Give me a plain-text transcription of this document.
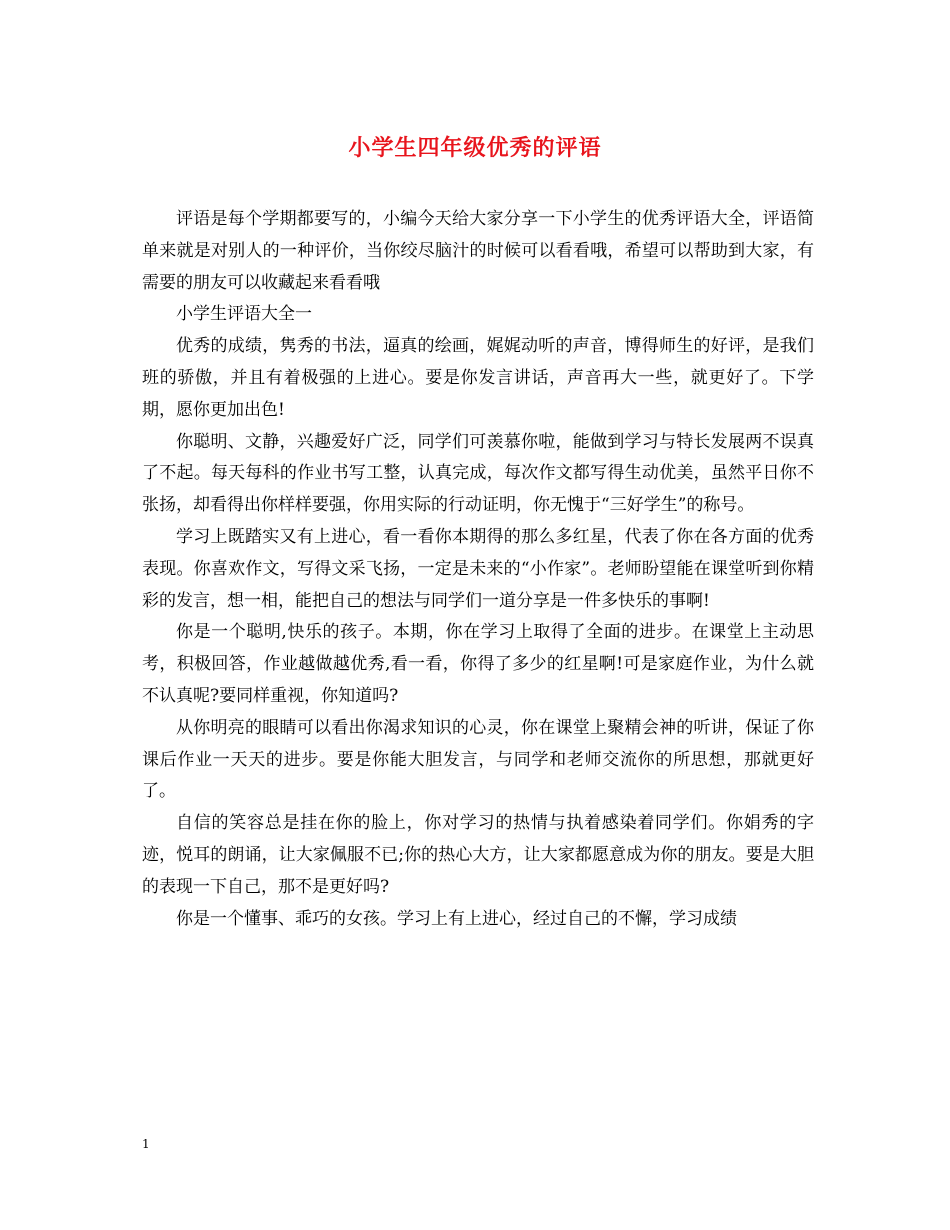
小学生四年级优秀的评语

评语是每个学期都要写的，小编今天给大家分享一下小学生的优秀评语大全，评语简单来就是对别人的一种评价，当你绞尽脑汁的时候可以看看哦，希望可以帮助到大家，有需要的朋友可以收藏起来看看哦

小学生评语大全一

优秀的成绩，隽秀的书法，逼真的绘画，娓娓动听的声音，博得师生的好评，是我们班的骄傲，并且有着极强的上进心。要是你发言讲话，声音再大一些，就更好了。下学期，愿你更加出色!

你聪明、文静，兴趣爱好广泛，同学们可羡慕你啦，能做到学习与特长发展两不误真了不起。每天每科的作业书写工整，认真完成，每次作文都写得生动优美，虽然平日你不张扬，却看得出你样样要强，你用实际的行动证明，你无愧于“三好学生”的称号。

学习上既踏实又有上进心，看一看你本期得的那么多红星，代表了你在各方面的优秀表现。你喜欢作文，写得文采飞扬，一定是未来的“小作家”。老师盼望能在课堂听到你精彩的发言，想一相，能把自己的想法与同学们一道分享是一件多快乐的事啊!

你是一个聪明,快乐的孩子。本期，你在学习上取得了全面的进步。在课堂上主动思考，积极回答，作业越做越优秀,看一看，你得了多少的红星啊!可是家庭作业，为什么就不认真呢?要同样重视，你知道吗?

从你明亮的眼睛可以看出你渴求知识的心灵，你在课堂上聚精会神的听讲，保证了你课后作业一天天的进步。要是你能大胆发言，与同学和老师交流你的所思想，那就更好了。

自信的笑容总是挂在你的脸上，你对学习的热情与执着感染着同学们。你娟秀的字迹，悦耳的朗诵，让大家佩服不已;你的热心大方，让大家都愿意成为你的朋友。要是大胆的表现一下自己，那不是更好吗?

你是一个懂事、乖巧的女孩。学习上有上进心，经过自己的不懈，学习成绩

1
